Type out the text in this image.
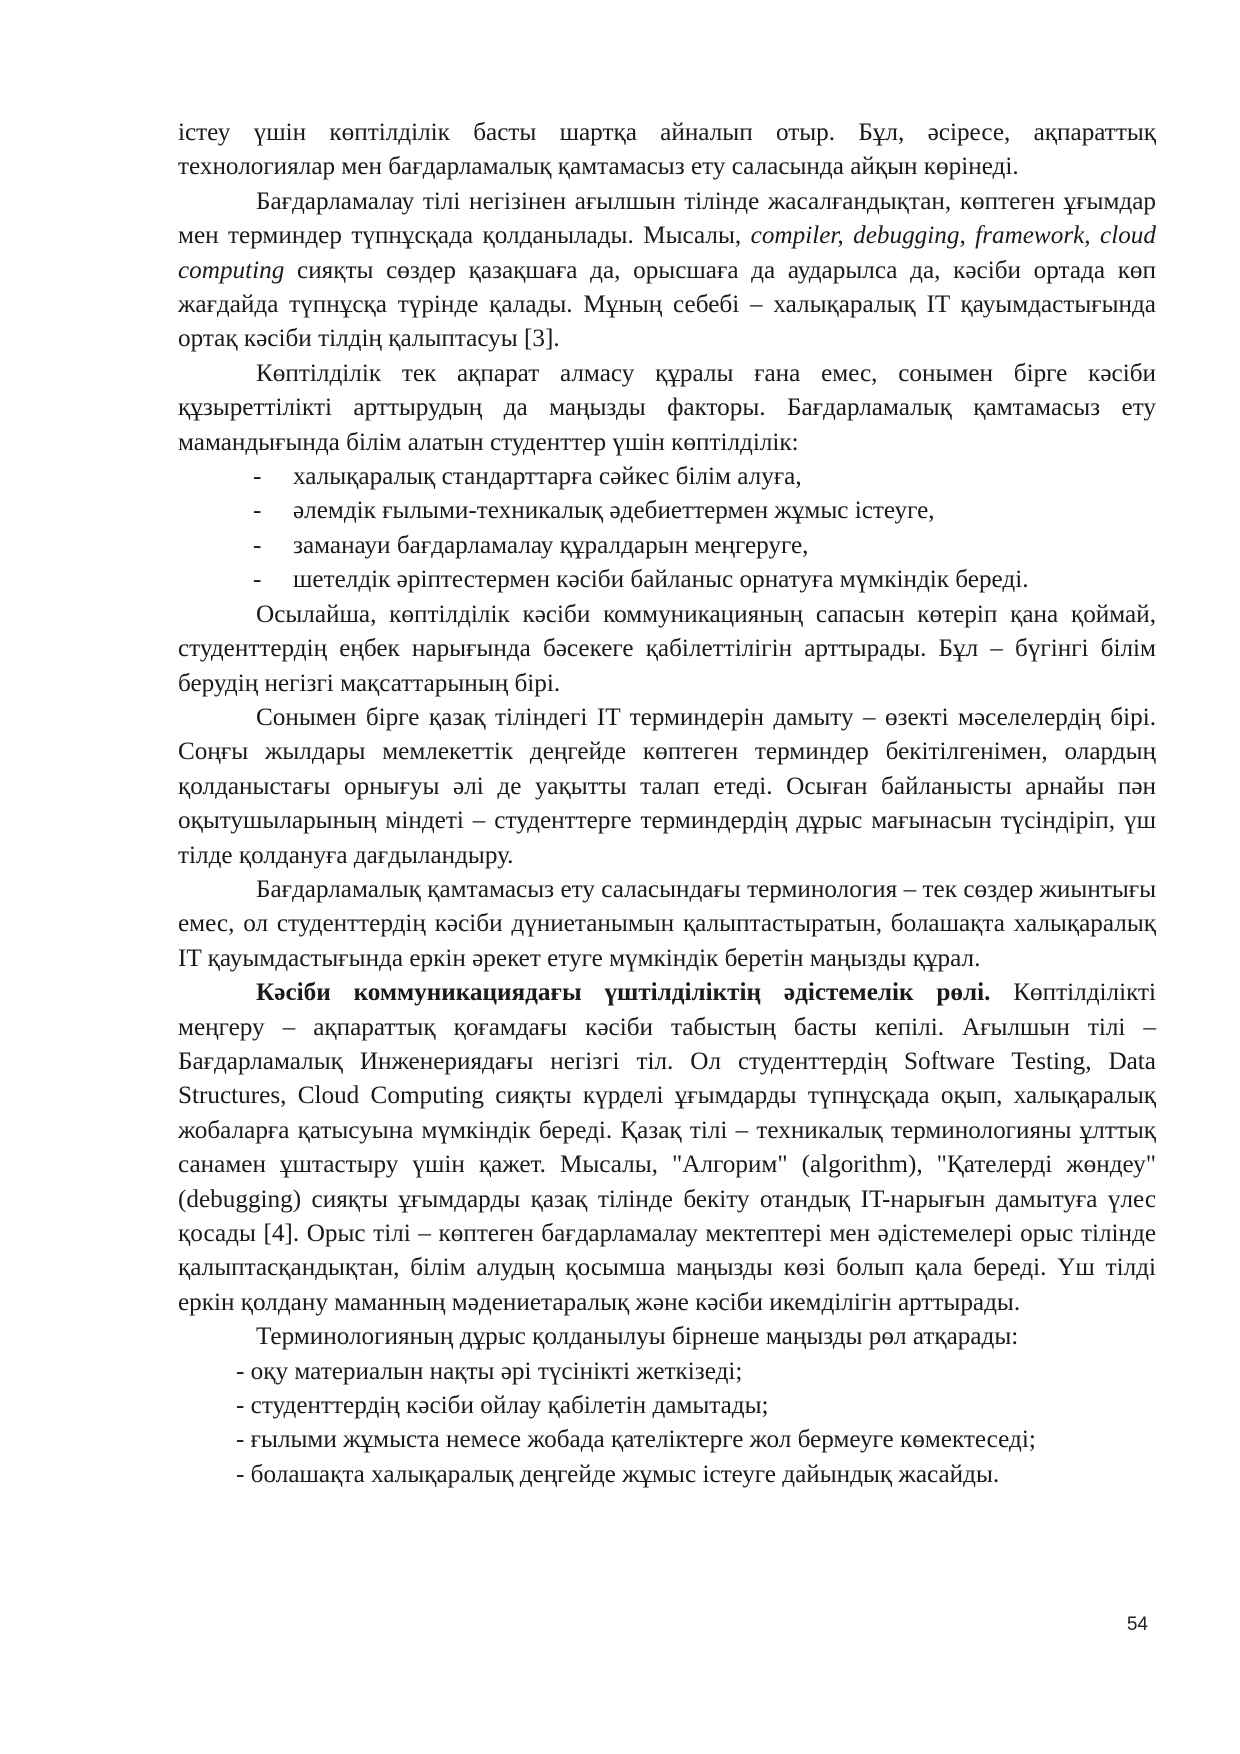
істеу үшін көптілділік басты шартқа айналып отыр. Бұл, әсіресе, ақпараттық технологиялар мен бағдарламалық қамтамасыз ету саласында айқын көрінеді.

Бағдарламалау тілі негізінен ағылшын тілінде жасалғандықтан, көптеген ұғымдар мен терминдер түпнұсқада қолданылады. Мысалы, compiler, debugging, framework, cloud computing сияқты сөздер қазақшаға да, орысшаға да аударылса да, кәсіби ортада көп жағдайда түпнұсқа түрінде қалады. Мұның себебі – халықаралық IT қауымдастығында ортақ кәсіби тілдің қалыптасуы [3].

Көптілділік тек ақпарат алмасу құралы ғана емес, сонымен бірге кәсіби құзыреттілікті арттырудың да маңызды факторы. Бағдарламалық қамтамасыз ету мамандығында білім алатын студенттер үшін көптілділік:

-	халықаралық стандарттарға сәйкес білім алуға,
-	әлемдік ғылыми-техникалық әдебиеттермен жұмыс істеуге,
-	заманауи бағдарламалау құралдарын меңгеруге,
-	шетелдік әріптестермен кәсіби байланыс орнатуға мүмкіндік береді.

Осылайша, көптілділік кәсіби коммуникацияның сапасын көтеріп қана қоймай, студенттердің еңбек нарығында бәсекеге қабілеттілігін арттырады. Бұл – бүгінгі білім берудің негізгі мақсаттарының бірі.

Сонымен бірге қазақ тіліндегі IT терминдерін дамыту – өзекті мәселелердің бірі. Соңғы жылдары мемлекеттік деңгейде көптеген терминдер бекітілгенімен, олардың қолданыстағы орнығуы әлі де уақытты талап етеді. Осыған байланысты арнайы пән оқытушыларының міндеті – студенттерге терминдердің дұрыс мағынасын түсіндіріп, үш тілде қолдануға дағдыландыру.

Бағдарламалық қамтамасыз ету саласындағы терминология – тек сөздер жиынтығы емес, ол студенттердің кәсіби дүниетанымын қалыптастыратын, болашақта халықаралық IT қауымдастығында еркін әрекет етуге мүмкіндік беретін маңызды құрал.

Кәсіби коммуникациядағы үштілділіктің әдістемелік рөлі. Көптілділікті меңгеру – ақпараттық қоғамдағы кәсіби табыстың басты кепілі. Ағылшын тілі – Бағдарламалық Инженериядағы негізгі тіл. Ол студенттердің Software Testing, Data Structures, Cloud Computing сияқты күрделі ұғымдарды түпнұсқада оқып, халықаралық жобаларға қатысуына мүмкіндік береді. Қазақ тілі – техникалық терминологияны ұлттық санамен ұштастыру үшін қажет. Мысалы, "Алгорим" (algorithm), "Қателерді жөндеу" (debugging) сияқты ұғымдарды қазақ тілінде бекіту отандық IT-нарығын дамытуға үлес қосады [4]. Орыс тілі – көптеген бағдарламалау мектептері мен әдістемелері орыс тілінде қалыптасқандықтан, білім алудың қосымша маңызды көзі болып қала береді. Үш тілді еркін қолдану маманның мәдениетаралық және кәсіби икемділігін арттырады.

Терминологияның дұрыс қолданылуы бірнеше маңызды рөл атқарады:

- оқу материалын нақты әрі түсінікті жеткізеді;

- студенттердің кәсіби ойлау қабілетін дамытады;

- ғылыми жұмыста немесе жобада қателіктерге жол бермеуге көмектеседі;

- болашақта халықаралық деңгейде жұмыс істеуге дайындық жасайды.

54
